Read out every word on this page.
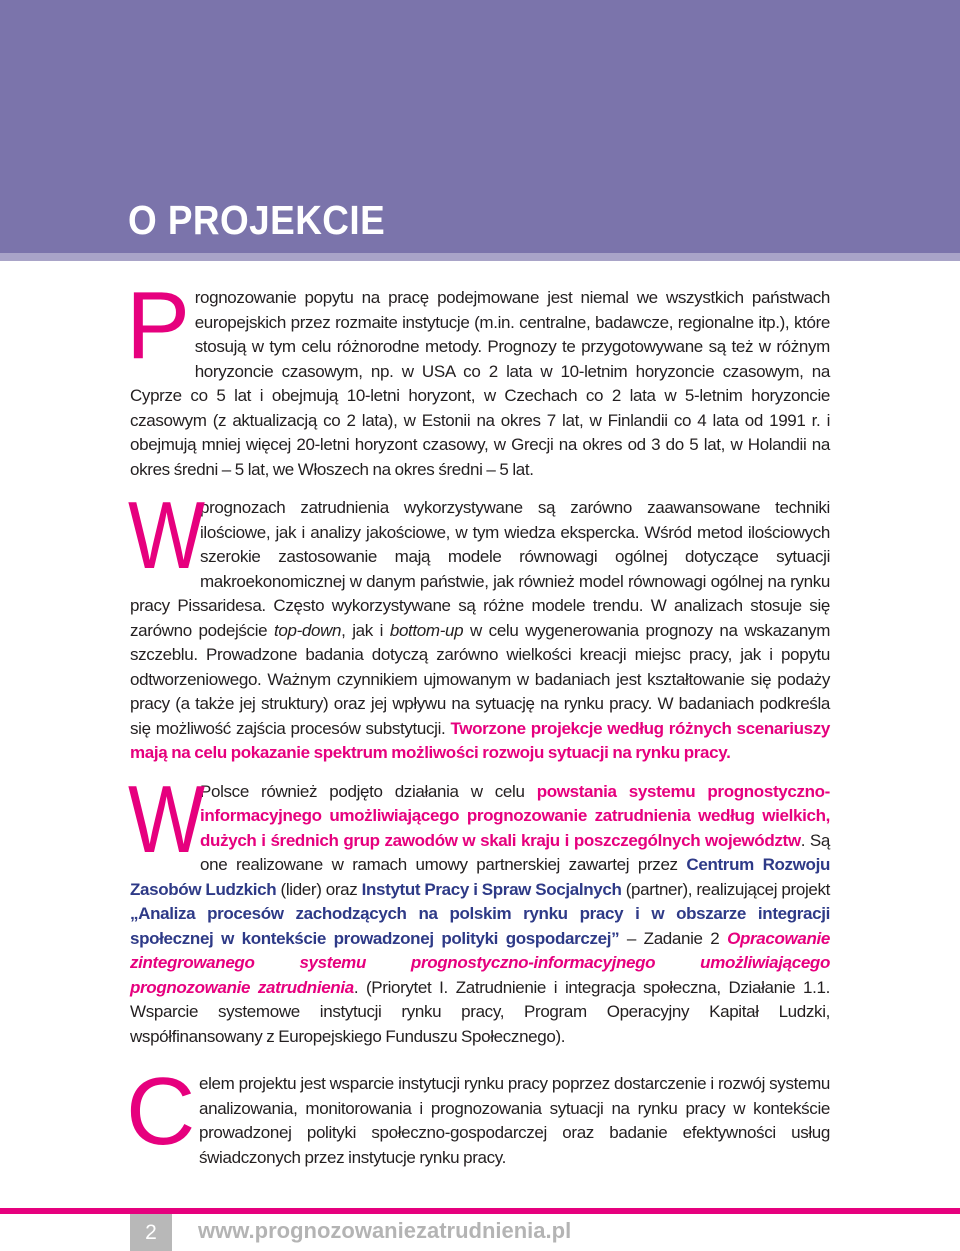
O PROJEKCIE

Prognozowanie popytu na pracę podejmowane jest niemal we wszystkich państwach europejskich przez rozmaite instytucje (m.in. centralne, badawcze, regionalne itp.), które stosują w tym celu różnorodne metody. Prognozy te przygotowywane są też w różnym horyzoncie czasowym, np. w USA co 2 lata w 10-letnim horyzoncie czasowym, na Cyprze co 5 lat i obejmują 10-letni horyzont, w Czechach co 2 lata w 5-letnim horyzoncie czasowym (z aktualizacją co 2 lata), w Estonii na okres 7 lat, w Finlandii co 4 lata od 1991 r. i obejmują mniej więcej 20-letni horyzont czasowy, w Grecji na okres od 3 do 5 lat, w Holandii na okres średni – 5 lat, we Włoszech na okres średni – 5 lat.

W
prognozach zatrudnienia wykorzystywane są zarówno zaawansowane techniki ilościowe, jak i analizy jakościowe, w tym wiedza ekspercka. Wśród metod ilościowych szerokie zastosowanie mają modele równowagi ogólnej dotyczące sytuacji makroekonomicznej w danym państwie, jak również model równowagi ogólnej na rynku pracy Pissaridesa. Często wykorzystywane są różne modele trendu. W analizach stosuje się zarówno podejście top-down, jak i bottom-up w celu wygenerowania prognozy na wskazanym szczeblu. Prowadzone badania dotyczą zarówno wielkości kreacji miejsc pracy, jak i popytu odtworzeniowego. Ważnym czynnikiem ujmowanym w badaniach jest kształtowanie się podaży pracy (a także jej struktury) oraz jej wpływu na sytuację na rynku pracy. W badaniach podkreśla się możliwość zajścia procesów substytucji. Tworzone projekcje według różnych scenariuszy mają na celu pokazanie spektrum możliwości rozwoju sytuacji na rynku pracy.

W
Polsce również podjęto działania w celu powstania systemu prognostyczno-informacyjnego umożliwiającego prognozowanie zatrudnienia według wielkich, dużych i średnich grup zawodów w skali kraju i poszczególnych województw. Są one realizowane w ramach umowy partnerskiej zawartej przez Centrum Rozwoju Zasobów Ludzkich (lider) oraz Instytut Pracy i Spraw Socjalnych (partner), realizującej projekt „Analiza procesów zachodzących na polskim rynku pracy i w obszarze integracji społecznej w kontekście prowadzonej polityki gospodarczej” – Zadanie 2 Opracowanie zintegrowanego systemu prognostyczno-informacyjnego umożliwiającego prognozowanie zatrudnienia. (Priorytet I. Zatrudnienie i integracja społeczna, Działanie 1.1. Wsparcie systemowe instytucji rynku pracy, Program Operacyjny Kapitał Ludzki, współfinansowany z Europejskiego Funduszu Społecznego).

Celem projektu jest wsparcie instytucji rynku pracy poprzez dostarczenie i rozwój systemu analizowania, monitorowania i prognozowania sytuacji na rynku pracy w kontekście prowadzonej polityki społeczno-gospodarczej oraz badanie efektywności usług świadczonych przez instytucje rynku pracy.

2	www.prognozowaniezatrudnienia.pl
